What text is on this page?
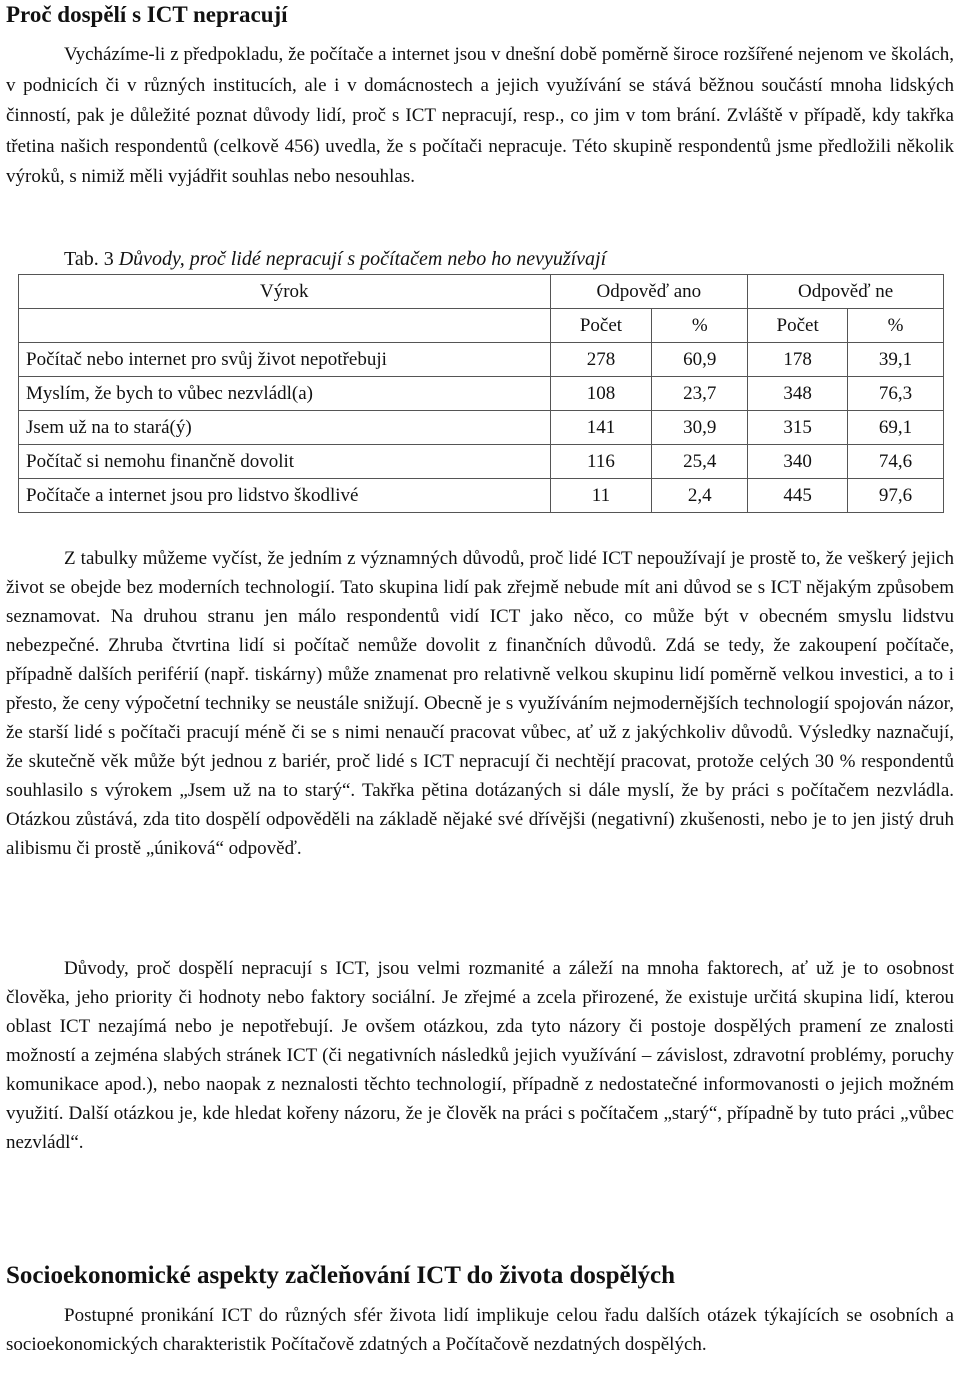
Proč dospělí s ICT nepracují

Vycházíme-li z předpokladu, že počítače a internet jsou v dnešní době poměrně široce rozšířené nejenom ve školách, v podnicích či v různých institucích, ale i v domácnostech a jejich využívání se stává běžnou součástí mnoha lidských činností, pak je důležité poznat důvody lidí, proč s ICT nepracují, resp., co jim v tom brání. Zvláště v případě, kdy takřka třetina našich respondentů (celkově 456) uvedla, že s počítači nepracuje. Této skupině respondentů jsme předložili několik výroků, s nimiž měli vyjádřit souhlas nebo nesouhlas.

Tab. 3 Důvody, proč lidé nepracují s počítačem nebo ho nevyužívají
Výrok	Odpověď ano		Odpověď ne	
	Počet	%	Počet	%
Počítač nebo internet pro svůj život nepotřebuji	278	60,9	178	39,1
Myslím, že bych to vůbec nezvládl(a)	108	23,7	348	76,3
Jsem už na to stará(ý)	141	30,9	315	69,1
Počítač si nemohu finančně dovolit	116	25,4	340	74,6
Počítače a internet jsou pro lidstvo škodlivé	11	2,4	445	97,6

Z tabulky můžeme vyčíst, že jedním z významných důvodů, proč lidé ICT nepoužívají je prostě to, že veškerý jejich život se obejde bez moderních technologií. Tato skupina lidí pak zřejmě nebude mít ani důvod se s ICT nějakým způsobem seznamovat. Na druhou stranu jen málo respondentů vidí ICT jako něco, co může být v obecném smyslu lidstvu nebezpečné. Zhruba čtvrtina lidí si počítač nemůže dovolit z finančních důvodů. Zdá se tedy, že zakoupení počítače, případně dalších periférií (např. tiskárny) může znamenat pro relativně velkou skupinu lidí poměrně velkou investici, a to i přesto, že ceny výpočetní techniky se neustále snižují. Obecně je s využíváním nejmodernějších technologií spojován názor, že starší lidé s počítači pracují méně či se s nimi nenaučí pracovat vůbec, ať už z jakýchkoliv důvodů. Výsledky naznačují, že skutečně věk může být jednou z bariér, proč lidé s ICT nepracují či nechtějí pracovat, protože celých 30 % respondentů souhlasilo s výrokem „Jsem už na to starý“. Takřka pětina dotázaných si dále myslí, že by práci s počítačem nezvládla. Otázkou zůstává, zda tito dospělí odpověděli na základě nějaké své dřívějši (negativní) zkušenosti, nebo je to jen jistý druh alibismu či prostě „úniková“ odpověď.

Důvody, proč dospělí nepracují s ICT, jsou velmi rozmanité a záleží na mnoha faktorech, ať už je to osobnost člověka, jeho priority či hodnoty nebo faktory sociální. Je zřejmé a zcela přirozené, že existuje určitá skupina lidí, kterou oblast ICT nezajímá nebo je nepotřebují. Je ovšem otázkou, zda tyto názory či postoje dospělých pramení ze znalosti možností a zejména slabých stránek ICT (či negativních následků jejich využívání – závislost, zdravotní problémy, poruchy komunikace apod.), nebo naopak z neznalosti těchto technologií, případně z nedostatečné informovanosti o jejich možném využití. Další otázkou je, kde hledat kořeny názoru, že je člověk na práci s počítačem „starý“, případně by tuto práci „vůbec nezvládl“.

Socioekonomické aspekty začleňování ICT do života dospělých

Postupné pronikání ICT do různých sfér života lidí implikuje celou řadu dalších otázek týkajících se osobních a socioekonomických charakteristik Počítačově zdatných a Počítačově nezdatných dospělých.
